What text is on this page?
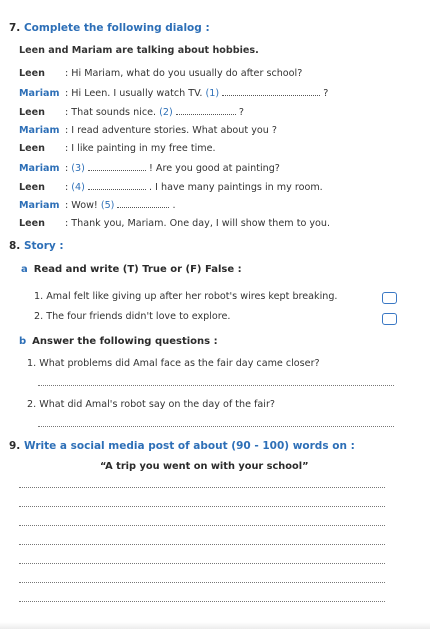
7. Complete the following dialog :
Leen and Mariam are talking about hobbies.
Leen : Hi Mariam, what do you usually do after school?
Mariam : Hi Leen. I usually watch TV. (1)	?
Leen : That sounds nice. (2)	?
Mariam : I read adventure stories. What about you ?
Leen : I like painting in my free time.
Mariam : (3)	! Are you good at painting?
Leen : (4)	. I have many paintings in my room.
Mariam : Wow! (5)	.
Leen : Thank you, Mariam. One day, I will show them to you.
8. Story :
a Read and write (T) True or (F) False :
1. Amal felt like giving up after her robot's wires kept breaking.
2. The four friends didn't love to explore.
b Answer the following questions :
1. What problems did Amal face as the fair day came closer?
2. What did Amal's robot say on the day of the fair?
9. Write a social media post of about (90 - 100) words on :
“A trip you went on with your school”
